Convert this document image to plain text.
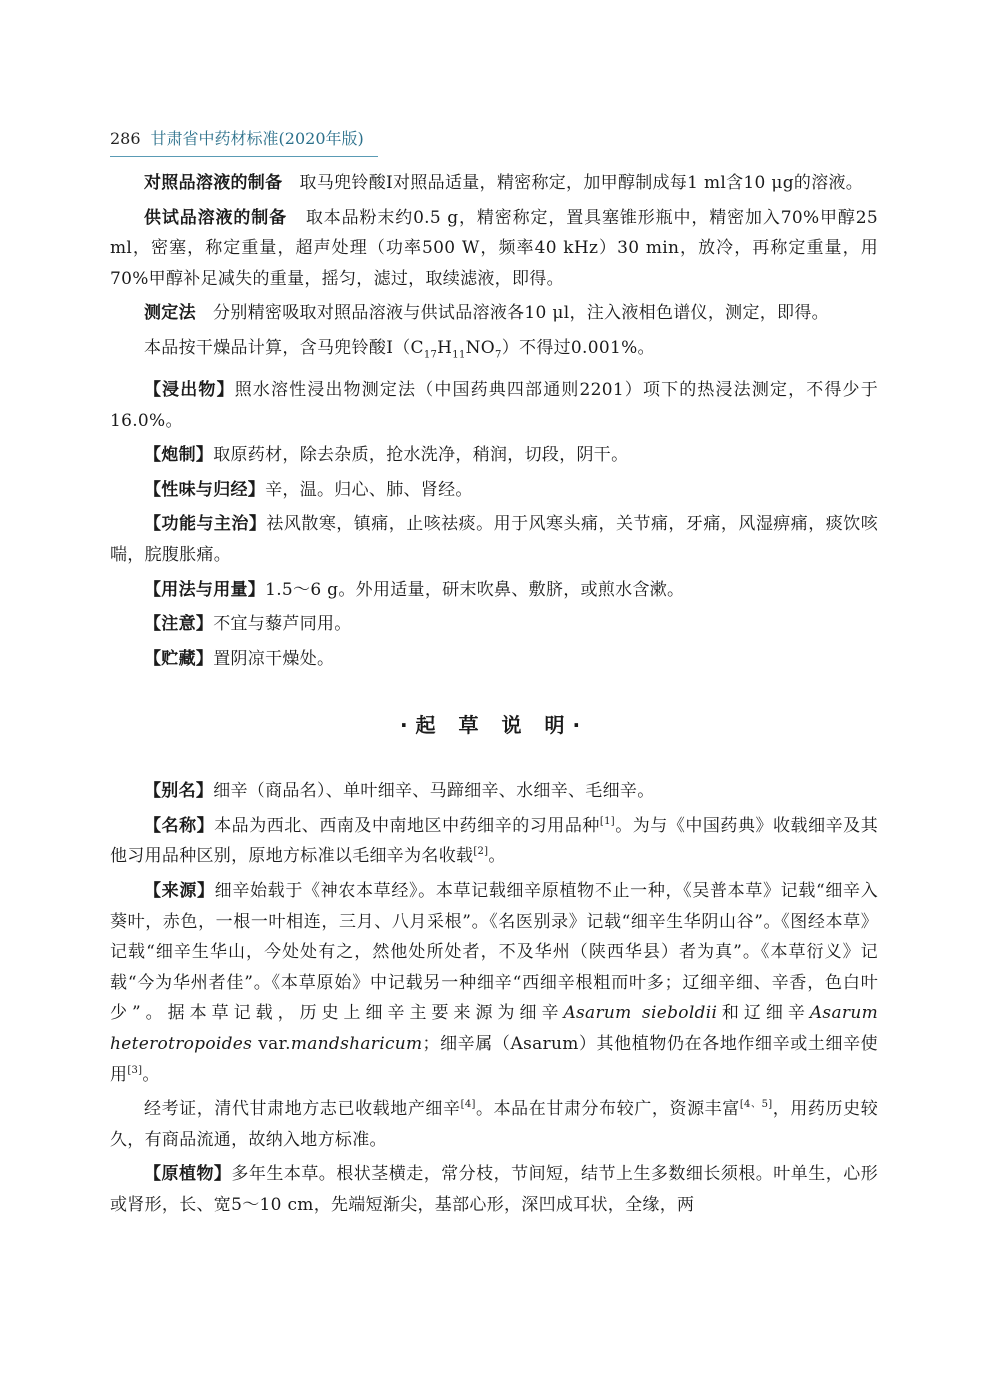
286 甘肃省中药材标准(2020年版)

对照品溶液的制备 取马兜铃酸I对照品适量，精密称定，加甲醇制成每1 ml含10 μg的溶液。

供试品溶液的制备 取本品粉末约0.5 g，精密称定，置具塞锥形瓶中，精密加入70%甲醇25 ml，密塞，称定重量，超声处理（功率500 W，频率40 kHz）30 min，放冷，再称定重量，用70%甲醇补足减失的重量，摇匀，滤过，取续滤液，即得。

测定法 分别精密吸取对照品溶液与供试品溶液各10 μl，注入液相色谱仪，测定，即得。

本品按干燥品计算，含马兜铃酸$I(C_{17}H_{11}NO_7)$不得过0.001%。

【浸出物】照水溶性浸出物测定法（中国药典四部通则2201）项下的热浸法测定，不得少于16.0%。

【炮制】取原药材，除去杂质，抢水洗净，稍润，切段，阴干。

【性味与归经】辛，温。归心、肺、肾经。

【功能与主治】祛风散寒，镇痛，止咳祛痰。用于风寒头痛，关节痛，牙痛，风湿痹痛，痰饮咳喘，脘腹胀痛。

【用法与用量】1.5～6 g。外用适量，研末吹鼻、敷脐，或煎水含漱。

【注意】不宜与藜芦同用。

【贮藏】置阴凉干燥处。

·起 草 说 明·

【别名】细辛（商品名）、单叶细辛、马蹄细辛、水细辛、毛细辛。

【名称】本品为西北、西南及中南地区中药细辛的习用品种[1]。为与《中国药典》收载细辛及其他习用品种区别，原地方标准以毛细辛为名收载[2]。

【来源】细辛始载于《神农本草经》。本草记载细辛原植物不止一种，《吴普本草》记载“细辛入葵叶，赤色，一根一叶相连，三月、八月采根”。《名医别录》记载“细辛生华阴山谷”。《图经本草》记载“细辛生华山，今处处有之，然他处所处者，不及华州（陕西华县）者为真”。《本草衍义》记载“今为华州者佳”。《本草原始》中记载另一种细辛“西细辛根粗而叶多；辽细辛细、辛香，色白叶少”。据本草记载，历史上细辛主要来源为细辛Asarum sieboldii和辽细辛Asarum heterotropoides var.mandsharicum；细辛属（Asarum）其他植物仍在各地作细辛或土细辛使用[3]。

经考证，清代甘肃地方志已收载地产细辛[4]。本品在甘肃分布较广，资源丰富[4、5]，用药历史较久，有商品流通，故纳入地方标准。

【原植物】多年生本草。根状茎横走，常分枝，节间短，结节上生多数细长须根。叶单生，心形或肾形，长、宽5～10 cm，先端短渐尖，基部心形，深凹成耳状，全缘，两
